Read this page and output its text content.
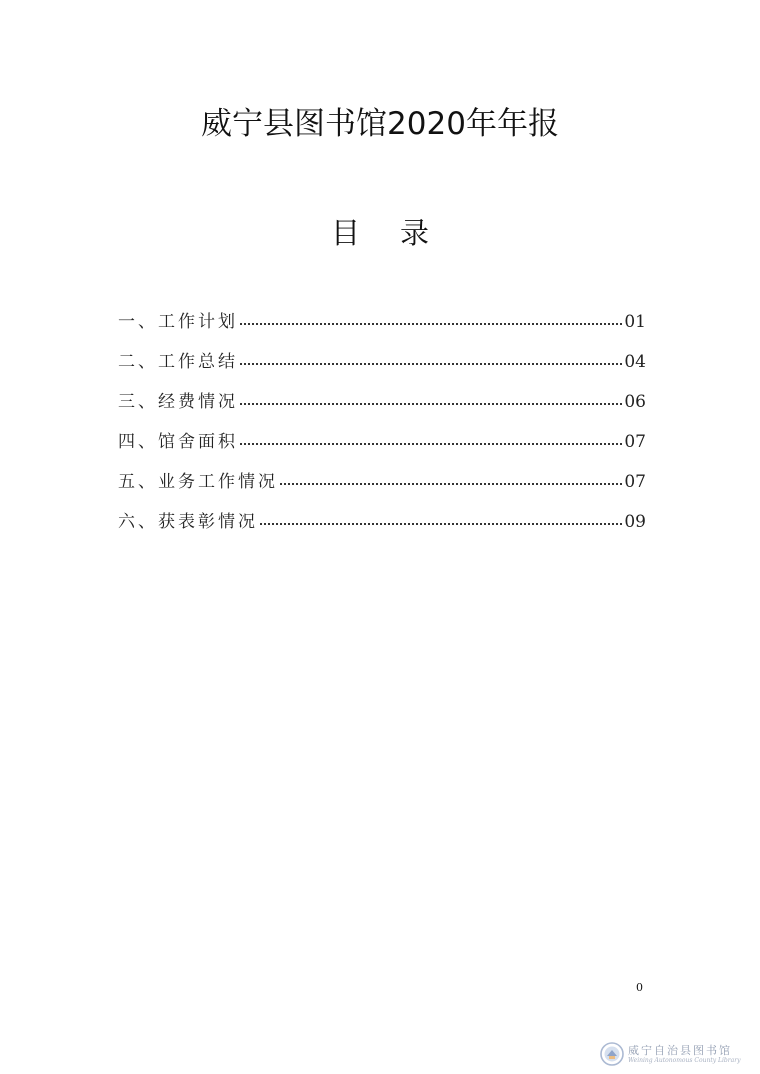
威宁县图书馆2020年年报
目 录
一、工作计划	01
二、工作总结	04
三、经费情况	06
四、馆舍面积	07
五、业务工作情况	07
六、获表彰情况	09
0
威宁自治县图书馆
Weining Autonomous County Library
